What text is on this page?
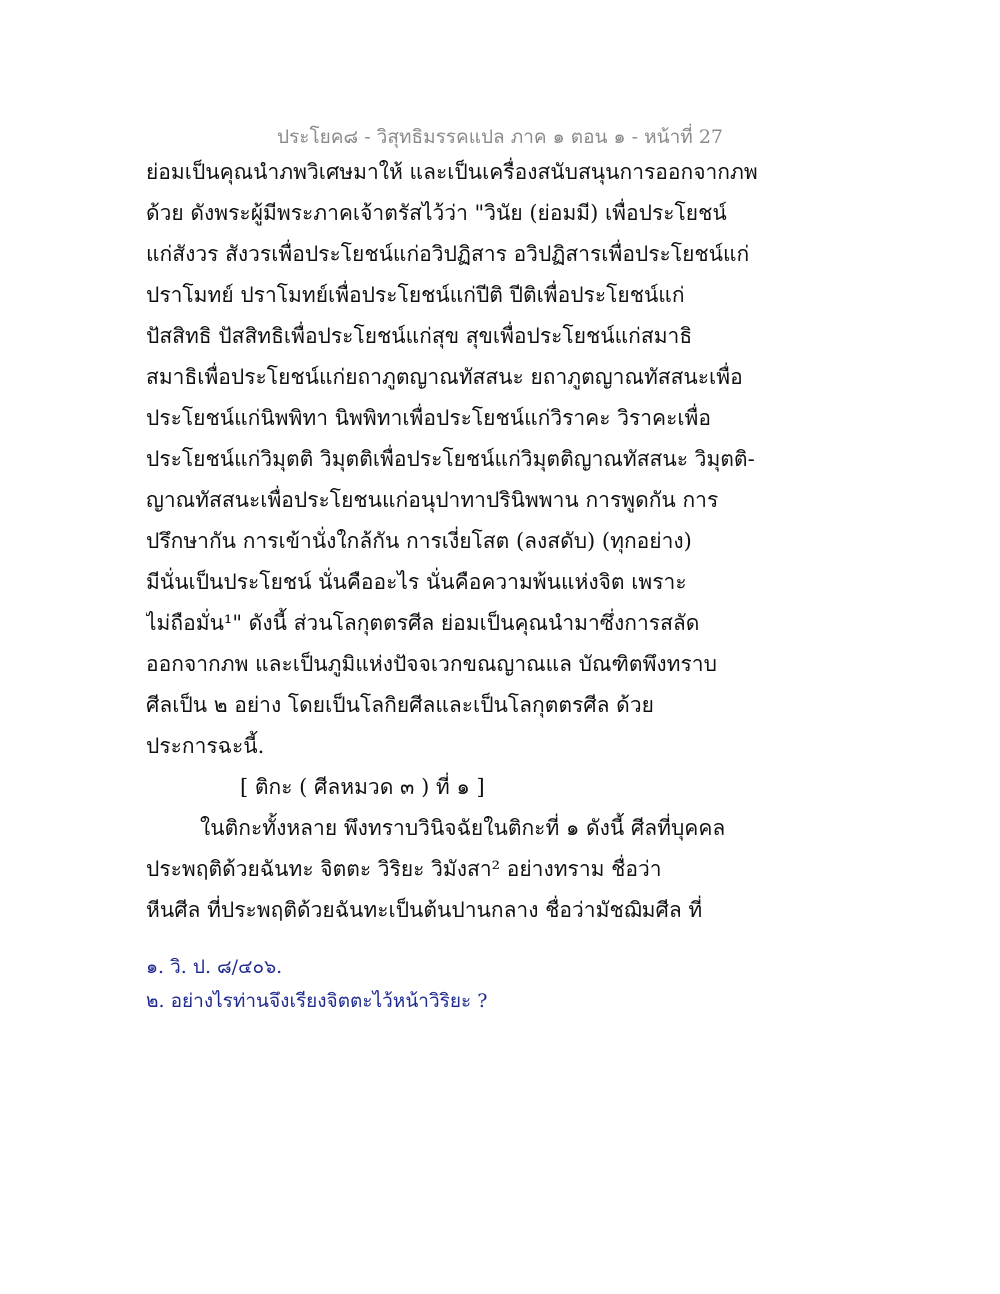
ประโยค๘ - วิสุทธิมรรคแปล ภาค ๑ ตอน ๑ - หน้าที่ 27
ย่อมเป็นคุณนำภพวิเศษมาให้ และเป็นเครื่องสนับสนุนการออกจากภพ
ด้วย ดังพระผู้มีพระภาคเจ้าตรัสไว้ว่า "วินัย (ย่อมมี) เพื่อประโยชน์
แก่สังวร สังวรเพื่อประโยชน์แก่อวิปฏิสาร อวิปฏิสารเพื่อประโยชน์แก่
ปราโมทย์ ปราโมทย์เพื่อประโยชน์แก่ปีติ ปีติเพื่อประโยชน์แก่
ปัสสิทธิ ปัสสิทธิเพื่อประโยชน์แก่สุข สุขเพื่อประโยชน์แก่สมาธิ
สมาธิเพื่อประโยชน์แก่ยถาภูตญาณทัสสนะ ยถาภูตญาณทัสสนะเพื่อ
ประโยชน์แก่นิพพิทา นิพพิทาเพื่อประโยชน์แก่วิราคะ วิราคะเพื่อ
ประโยชน์แก่วิมุตติ วิมุตติเพื่อประโยชน์แก่วิมุตติญาณทัสสนะ วิมุตติ-
ญาณทัสสนะเพื่อประโยชนแก่อนุปาทาปรินิพพาน การพูดกัน การ
ปรึกษากัน การเข้านั่งใกล้กัน การเงี่ยโสต (ลงสดับ) (ทุกอย่าง)
มีนั่นเป็นประโยชน์ นั่นคืออะไร นั่นคือความพ้นแห่งจิต เพราะ
ไม่ถือมั่น¹" ดังนี้ ส่วนโลกุตตรศีล ย่อมเป็นคุณนำมาซึ่งการสลัด
ออกจากภพ และเป็นภูมิแห่งปัจจเวกขณญาณแล บัณฑิตพึงทราบ
ศีลเป็น ๒ อย่าง โดยเป็นโลกิยศีลและเป็นโลกุตตรศีล ด้วย
ประการฉะนี้.
[ ติกะ ( ศีลหมวด ๓ ) ที่ ๑ ]
ในติกะทั้งหลาย พึงทราบวินิจฉัยในติกะที่ ๑ ดังนี้ ศีลที่บุคคล
ประพฤติด้วยฉันทะ จิตตะ วิริยะ วิมังสา² อย่างทราม ชื่อว่า
หีนศีล ที่ประพฤติด้วยฉันทะเป็นต้นปานกลาง ชื่อว่ามัชฌิมศีล ที่
๑. วิ. ป. ๘/๔๐๖.
๒. อย่างไรท่านจึงเรียงจิตตะไว้หน้าวิริยะ ?
